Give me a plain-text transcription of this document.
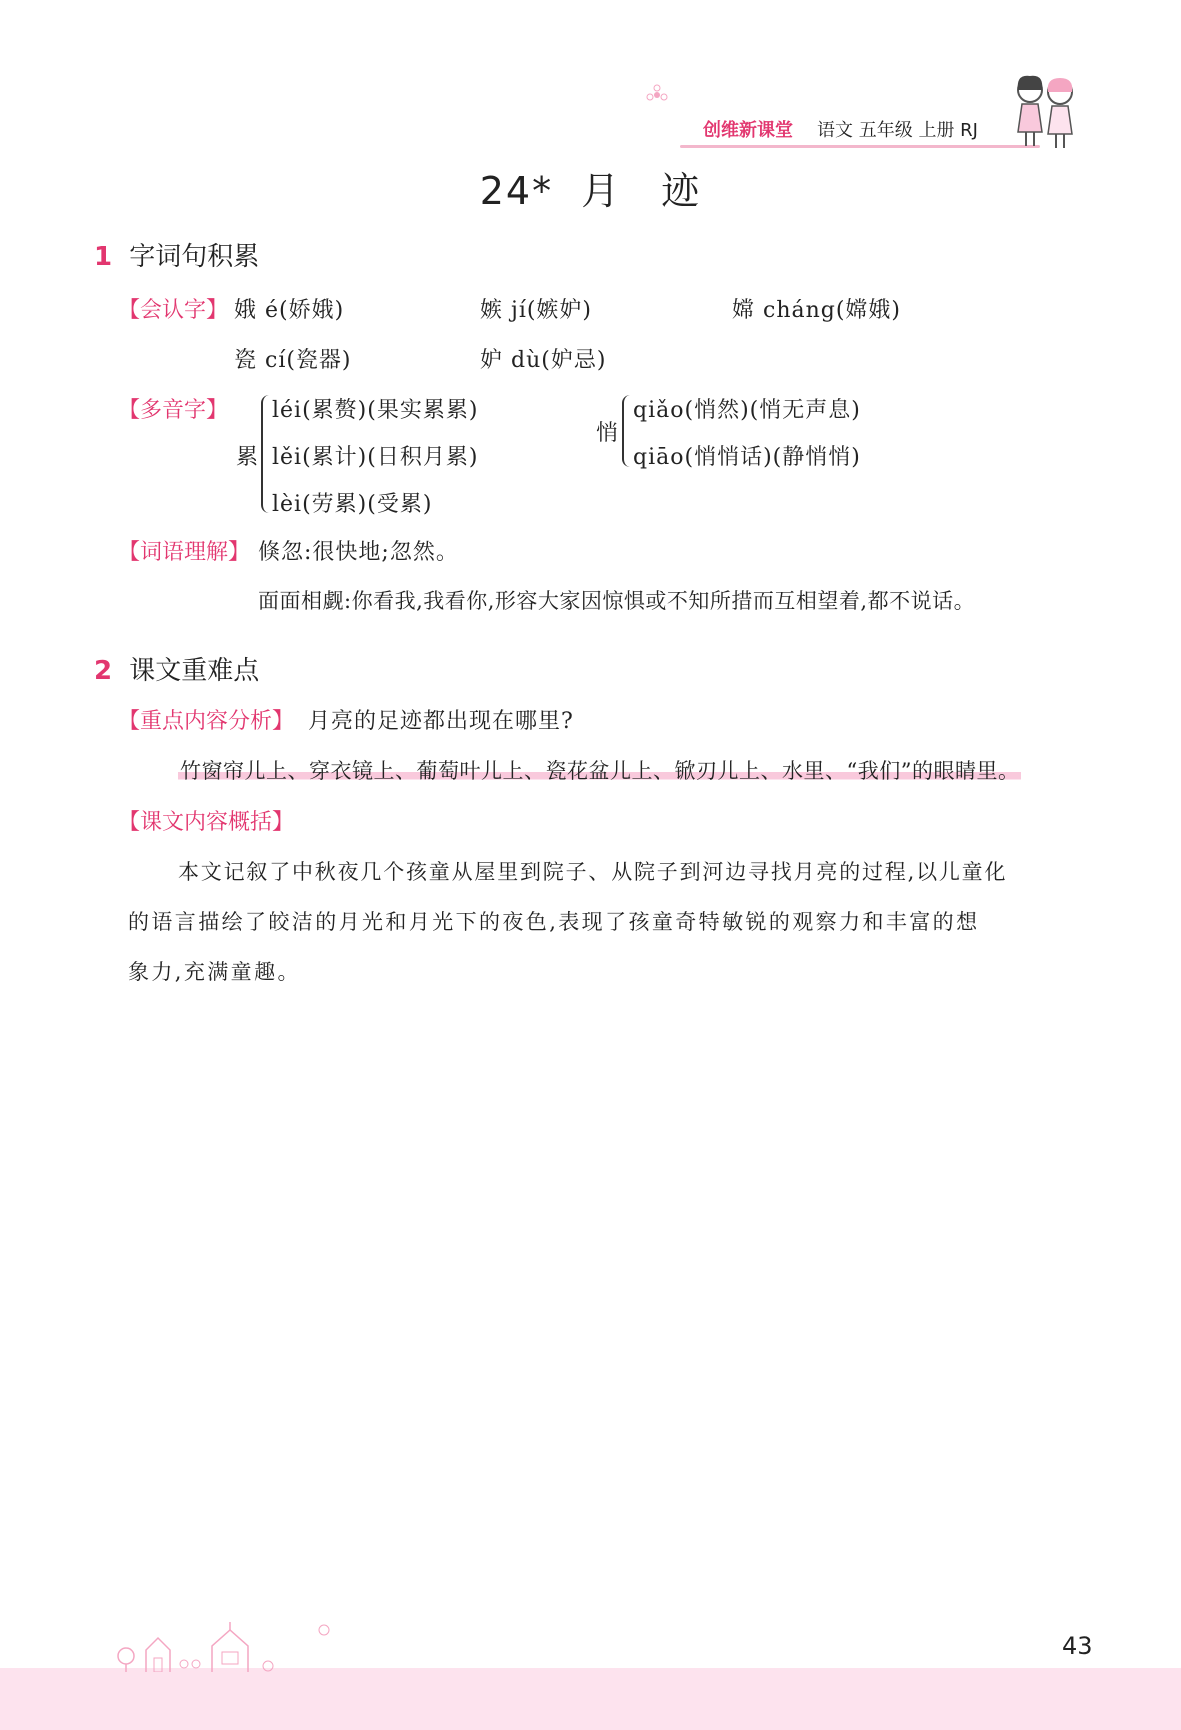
创维新课堂 语文 五年级 上册 RJ
24* 月　迹
1 字词句积累
【会认字】 娥 é(娇娥)	嫉 jí(嫉妒)	嫦 cháng(嫦娥)
瓷 cí(瓷器)	妒 dù(妒忌)
【多音字】
累
léi(累赘)(果实累累)
lěi(累计)(日积月累)
lèi(劳累)(受累)
悄
qiǎo(悄然)(悄无声息)
qiāo(悄悄话)(静悄悄)
【词语理解】 倏忽:很快地;忽然。
面面相觑:你看我,我看你,形容大家因惊惧或不知所措而互相望着,都不说话。
2 课文重难点
【重点内容分析】 月亮的足迹都出现在哪里?
竹窗帘儿上、穿衣镜上、葡萄叶儿上、瓷花盆儿上、锨刃儿上、水里、“我们”的眼睛里。
【课文内容概括】
本文记叙了中秋夜几个孩童从屋里到院子、从院子到河边寻找月亮的过程,以儿童化
的语言描绘了皎洁的月光和月光下的夜色,表现了孩童奇特敏锐的观察力和丰富的想
象力,充满童趣。
43
